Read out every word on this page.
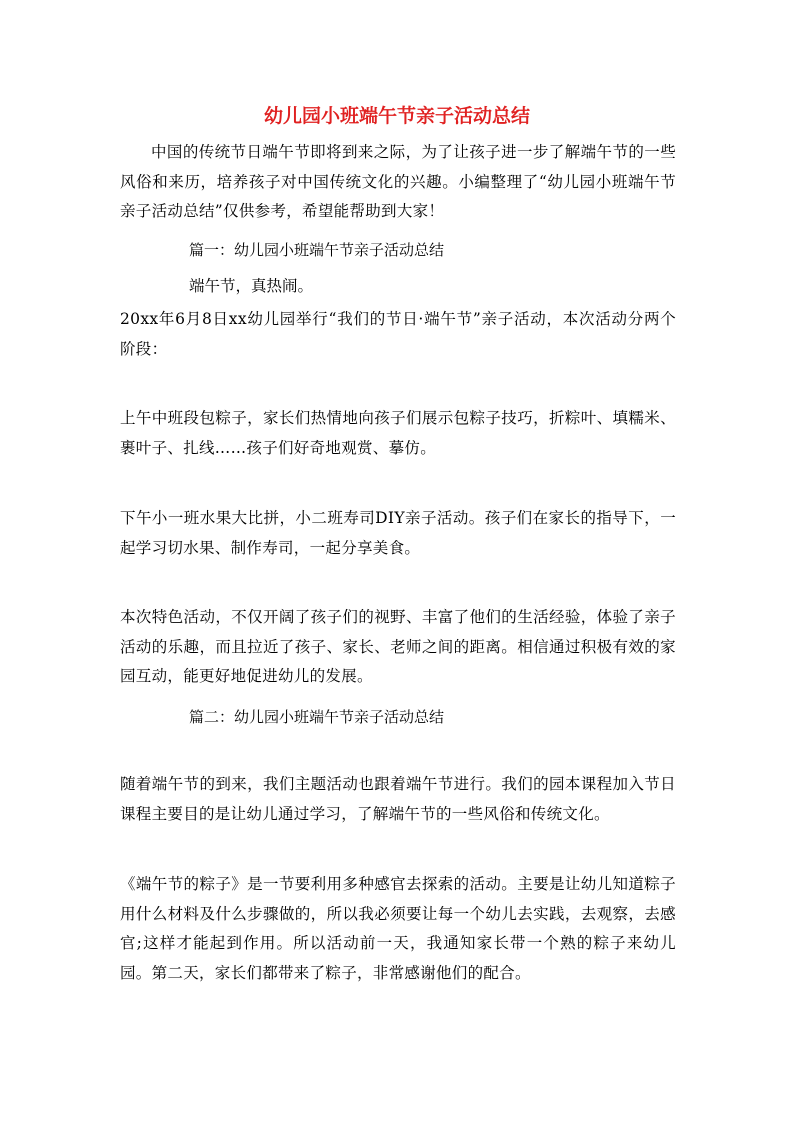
幼儿园小班端午节亲子活动总结

中国的传统节日端午节即将到来之际，为了让孩子进一步了解端午节的一些风俗和来历，培养孩子对中国传统文化的兴趣。小编整理了“幼儿园小班端午节亲子活动总结”仅供参考，希望能帮助到大家！

篇一：幼儿园小班端午节亲子活动总结

端午节，真热闹。

20xx年6月8日xx幼儿园举行“我们的节日·端午节”亲子活动，本次活动分两个阶段：

上午中班段包粽子，家长们热情地向孩子们展示包粽子技巧，折粽叶、填糯米、裹叶子、扎线……孩子们好奇地观赏、摹仿。

下午小一班水果大比拼，小二班寿司DIY亲子活动。孩子们在家长的指导下，一起学习切水果、制作寿司，一起分享美食。

本次特色活动，不仅开阔了孩子们的视野、丰富了他们的生活经验，体验了亲子活动的乐趣，而且拉近了孩子、家长、老师之间的距离。相信通过积极有效的家园互动，能更好地促进幼儿的发展。

篇二：幼儿园小班端午节亲子活动总结

随着端午节的到来，我们主题活动也跟着端午节进行。我们的园本课程加入节日课程主要目的是让幼儿通过学习，了解端午节的一些风俗和传统文化。

《端午节的粽子》是一节要利用多种感官去探索的活动。主要是让幼儿知道粽子用什么材料及什么步骤做的，所以我必须要让每一个幼儿去实践，去观察，去感官;这样才能起到作用。所以活动前一天，我通知家长带一个熟的粽子来幼儿园。第二天，家长们都带来了粽子，非常感谢他们的配合。
